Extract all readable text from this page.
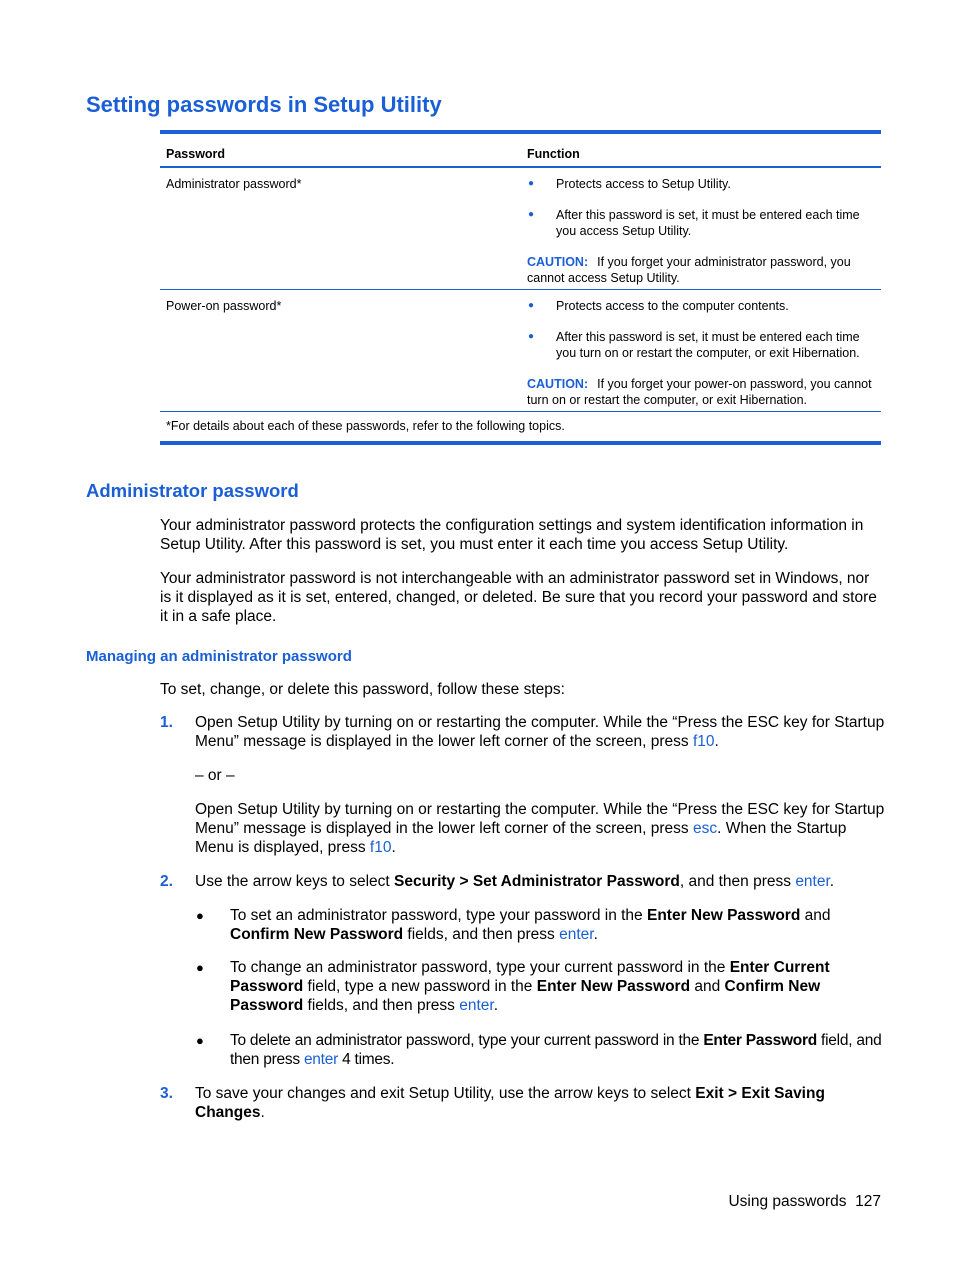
Setting passwords in Setup Utility
Password	Function
Administrator password*	● Protects access to Setup Utility.

● After this password is set, it must be entered each time you access Setup Utility.

CAUTION: If you forget your administrator password, you cannot access Setup Utility.

Power-on password*	● Protects access to the computer contents.

● After this password is set, it must be entered each time you turn on or restart the computer, or exit Hibernation.

CAUTION: If you forget your power-on password, you cannot turn on or restart the computer, or exit Hibernation.

*For details about each of these passwords, refer to the following topics.
Administrator password

Your administrator password protects the configuration settings and system identification information in Setup Utility. After this password is set, you must enter it each time you access Setup Utility.

Your administrator password is not interchangeable with an administrator password set in Windows, nor is it displayed as it is set, entered, changed, or deleted. Be sure that you record your password and store it in a safe place.

Managing an administrator password

To set, change, or delete this password, follow these steps:

1. Open Setup Utility by turning on or restarting the computer. While the “Press the ESC key for Startup Menu” message is displayed in the lower left corner of the screen, press f10.

– or –

Open Setup Utility by turning on or restarting the computer. While the “Press the ESC key for Startup Menu” message is displayed in the lower left corner of the screen, press esc. When the Startup Menu is displayed, press f10.

2. Use the arrow keys to select Security > Set Administrator Password, and then press enter.

● To set an administrator password, type your password in the Enter New Password and Confirm New Password fields, and then press enter.

● To change an administrator password, type your current password in the Enter Current Password field, type a new password in the Enter New Password and Confirm New Password fields, and then press enter.

● To delete an administrator password, type your current password in the Enter Password field, and then press enter 4 times.

3. To save your changes and exit Setup Utility, use the arrow keys to select Exit > Exit Saving Changes.

Using passwords 127
